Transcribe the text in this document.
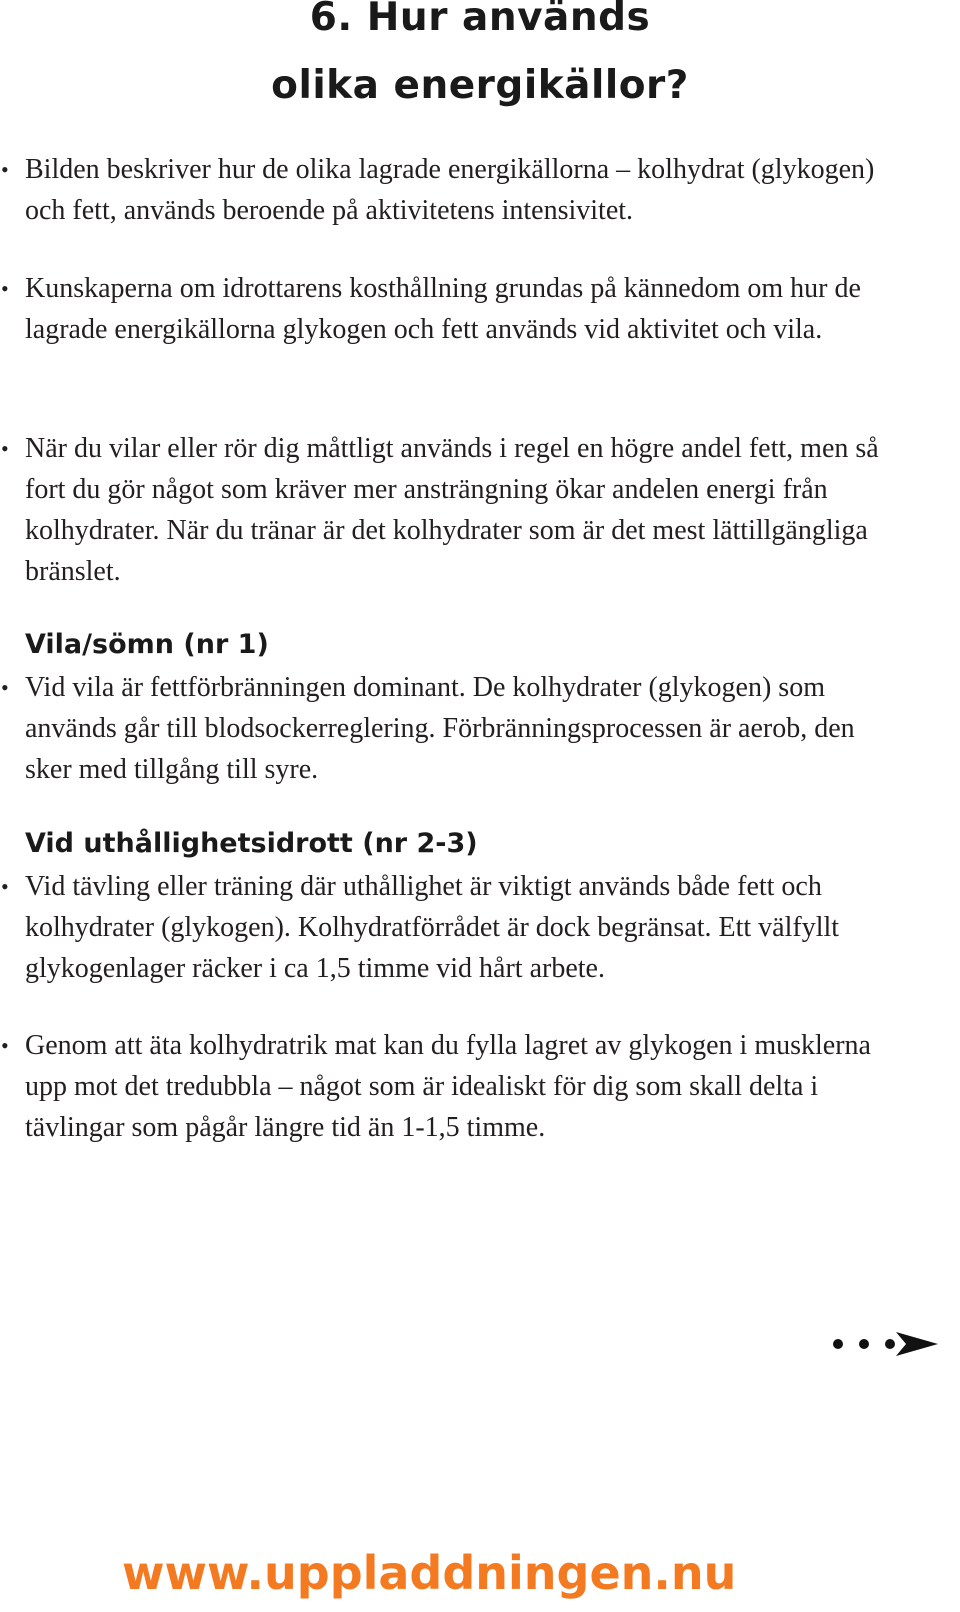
6. Hur används
olika energikällor?
• Bilden beskriver hur de olika lagrade energikällorna – kolhydrat (glykogen) och fett, används beroende på aktivitetens intensivitet.
• Kunskaperna om idrottarens kosthållning grundas på kännedom om hur de lagrade energikällorna glykogen och fett används vid aktivitet och vila.
• När du vilar eller rör dig måttligt används i regel en högre andel fett, men så fort du gör något som kräver mer ansträngning ökar andelen energi från kolhydrater. När du tränar är det kolhydrater som är det mest lättillgängliga bränslet.
Vila/sömn (nr 1)
• Vid vila är fettförbränningen dominant. De kolhydrater (glykogen) som används går till blodsockerreglering. Förbränningsprocessen är aerob, den sker med tillgång till syre.
Vid uthållighetsidrott (nr 2-3)
• Vid tävling eller träning där uthållighet är viktigt används både fett och kolhydrater (glykogen). Kolhydratförrådet är dock begränsat. Ett välfyllt glykogenlager räcker i ca 1,5 timme vid hårt arbete.
• Genom att äta kolhydratrik mat kan du fylla lagret av glykogen i musklerna upp mot det tredubbla – något som är idealiskt för dig som skall delta i tävlingar som pågår längre tid än 1-1,5 timme.
www.uppladdningen.nu
